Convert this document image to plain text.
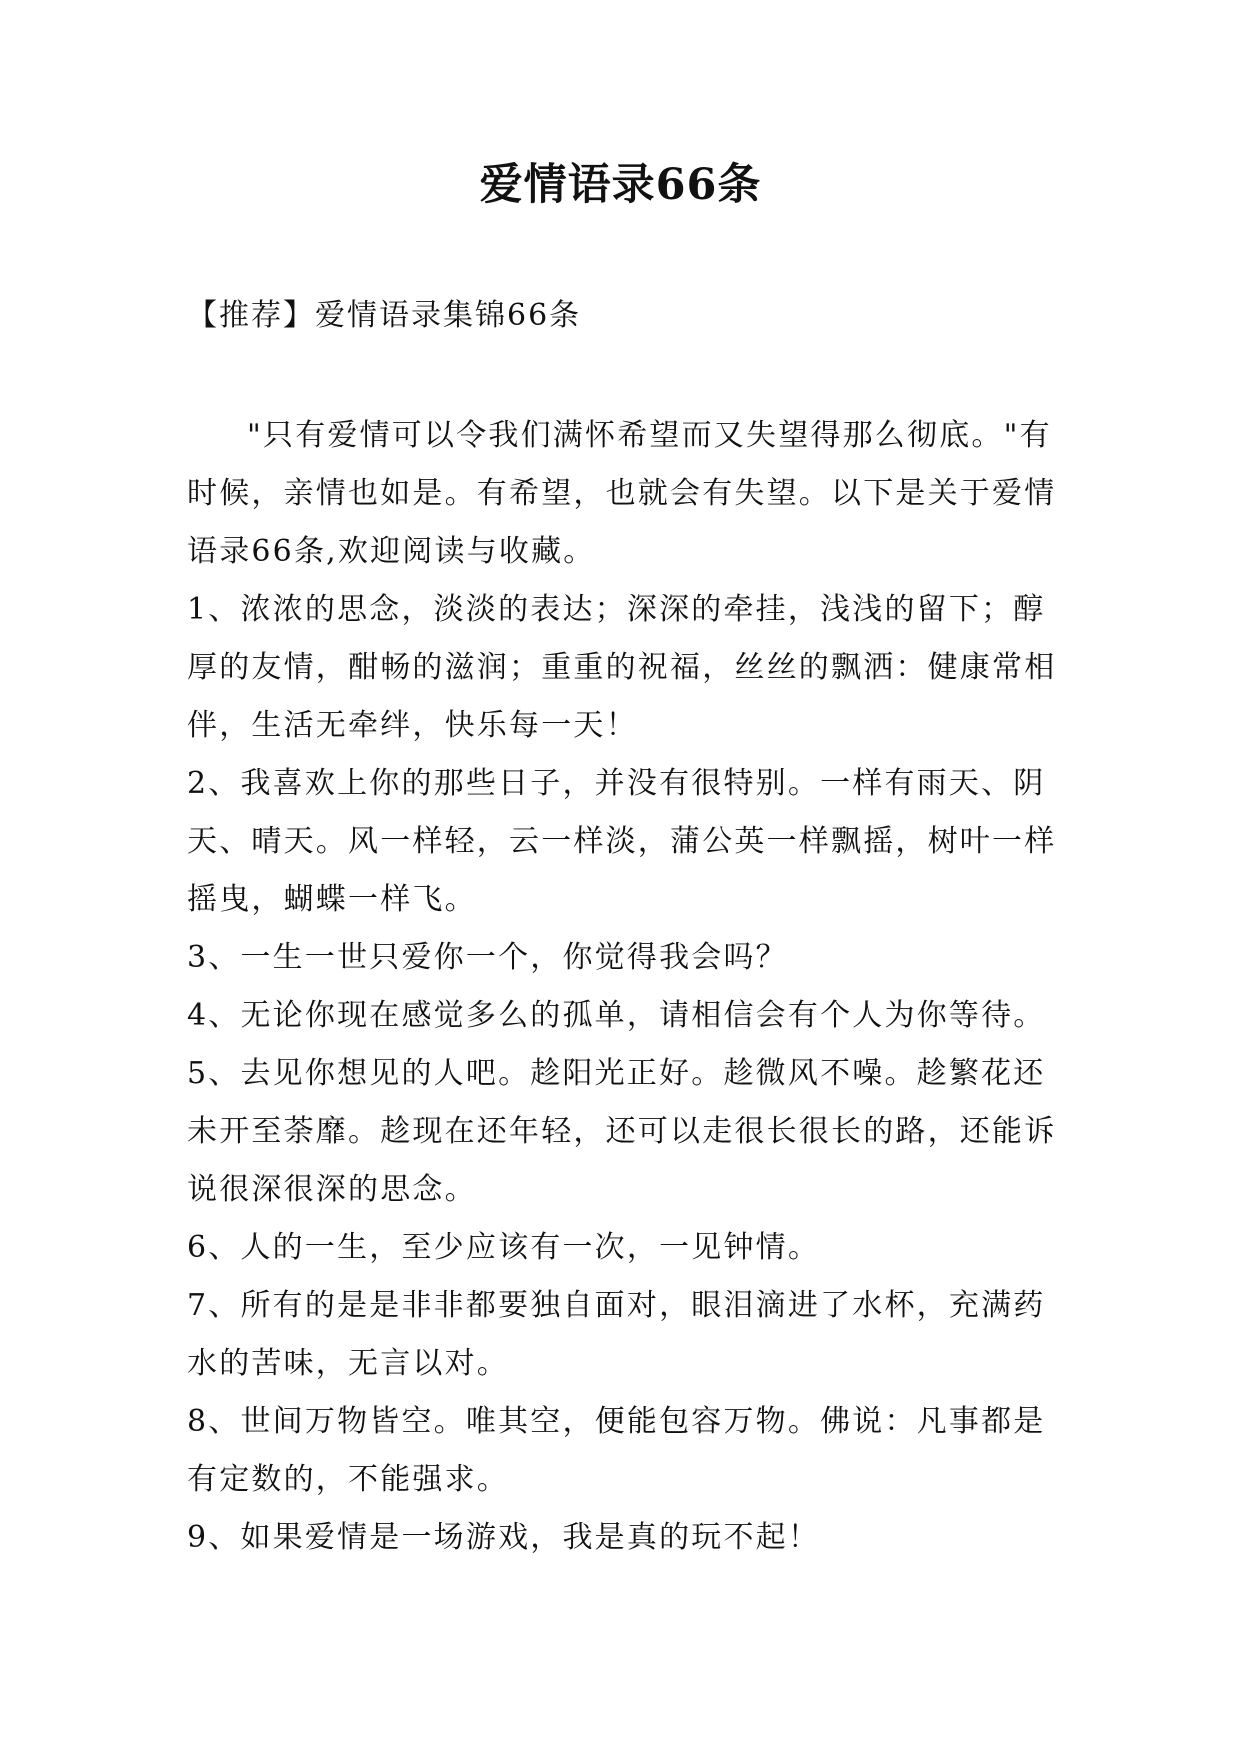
爱情语录66条
【推荐】爱情语录集锦66条

"只有爱情可以令我们满怀希望而又失望得那么彻底。"有时候，亲情也如是。有希望，也就会有失望。以下是关于爱情语录66条,欢迎阅读与收藏。

1、浓浓的思念，淡淡的表达；深深的牵挂，浅浅的留下；醇厚的友情，酣畅的滋润；重重的祝福，丝丝的飘洒：健康常相伴，生活无牵绊，快乐每一天！

2、我喜欢上你的那些日子，并没有很特别。一样有雨天、阴天、晴天。风一样轻，云一样淡，蒲公英一样飘摇，树叶一样摇曳，蝴蝶一样飞。

3、一生一世只爱你一个，你觉得我会吗？

4、无论你现在感觉多么的孤单，请相信会有个人为你等待。

5、去见你想见的人吧。趁阳光正好。趁微风不噪。趁繁花还未开至荼靡。趁现在还年轻，还可以走很长很长的路，还能诉说很深很深的思念。

6、人的一生，至少应该有一次，一见钟情。

7、所有的是是非非都要独自面对，眼泪滴进了水杯，充满药水的苦味，无言以对。

8、世间万物皆空。唯其空，便能包容万物。佛说：凡事都是有定数的，不能强求。

9、如果爱情是一场游戏，我是真的玩不起！
